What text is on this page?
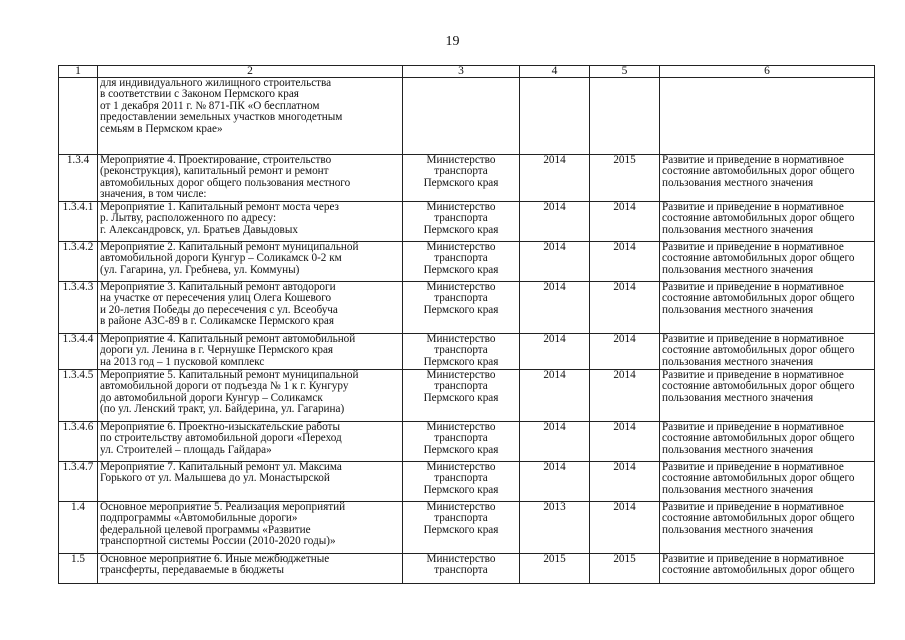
19
1	2	3	4	5	6
	для индивидуального жилищного строительства
в соответствии с Законом Пермского края
от 1 декабря 2011 г. № 871-ПК «О бесплатном
предоставлении земельных участков многодетным
семьям в Пермском крае»				
1.3.4	Мероприятие 4. Проектирование, строительство
(реконструкция), капитальный ремонт и ремонт
автомобильных дорог общего пользования местного
значения, в том числе:	Министерство
транспорта
Пермского края	2014	2015	Развитие и приведение в нормативное
состояние автомобильных дорог общего
пользования местного значения
1.3.4.1	Мероприятие 1. Капитальный ремонт моста через
р. Лытву, расположенного по адресу:
г. Александровск, ул. Братьев Давыдовых	Министерство
транспорта
Пермского края	2014	2014	Развитие и приведение в нормативное
состояние автомобильных дорог общего
пользования местного значения
1.3.4.2	Мероприятие 2. Капитальный ремонт муниципальной
автомобильной дороги Кунгур – Соликамск 0-2 км
(ул. Гагарина, ул. Гребнева, ул. Коммуны)	Министерство
транспорта
Пермского края	2014	2014	Развитие и приведение в нормативное
состояние автомобильных дорог общего
пользования местного значения
1.3.4.3	Мероприятие 3. Капитальный ремонт автодороги
на участке от пересечения улиц Олега Кошевого
и 20-летия Победы до пересечения с ул. Всеобуча
в районе АЗС-89 в г. Соликамске Пермского края	Министерство
транспорта
Пермского края	2014	2014	Развитие и приведение в нормативное
состояние автомобильных дорог общего
пользования местного значения
1.3.4.4	Мероприятие 4. Капитальный ремонт автомобильной
дороги ул. Ленина в г. Чернушке Пермского края
на 2013 год – 1 пусковой комплекс	Министерство
транспорта
Пермского края	2014	2014	Развитие и приведение в нормативное
состояние автомобильных дорог общего
пользования местного значения
1.3.4.5	Мероприятие 5. Капитальный ремонт муниципальной
автомобильной дороги от подъезда № 1 к г. Кунгуру
до автомобильной дороги Кунгур – Соликамск
(по ул. Ленский тракт, ул. Байдерина, ул. Гагарина)	Министерство
транспорта
Пермского края	2014	2014	Развитие и приведение в нормативное
состояние автомобильных дорог общего
пользования местного значения
1.3.4.6	Мероприятие 6. Проектно-изыскательские работы
по строительству автомобильной дороги «Переход
ул. Строителей – площадь Гайдара»	Министерство
транспорта
Пермского края	2014	2014	Развитие и приведение в нормативное
состояние автомобильных дорог общего
пользования местного значения
1.3.4.7	Мероприятие 7. Капитальный ремонт ул. Максима
Горького от ул. Малышева до ул. Монастырской	Министерство
транспорта
Пермского края	2014	2014	Развитие и приведение в нормативное
состояние автомобильных дорог общего
пользования местного значения
1.4	Основное мероприятие 5. Реализация мероприятий
подпрограммы «Автомобильные дороги»
федеральной целевой программы «Развитие
транспортной системы России (2010-2020 годы)»	Министерство
транспорта
Пермского края	2013	2014	Развитие и приведение в нормативное
состояние автомобильных дорог общего
пользования местного значения
1.5	Основное мероприятие 6. Иные межбюджетные
трансферты, передаваемые в бюджеты	Министерство
транспорта	2015	2015	Развитие и приведение в нормативное
состояние автомобильных дорог общего
